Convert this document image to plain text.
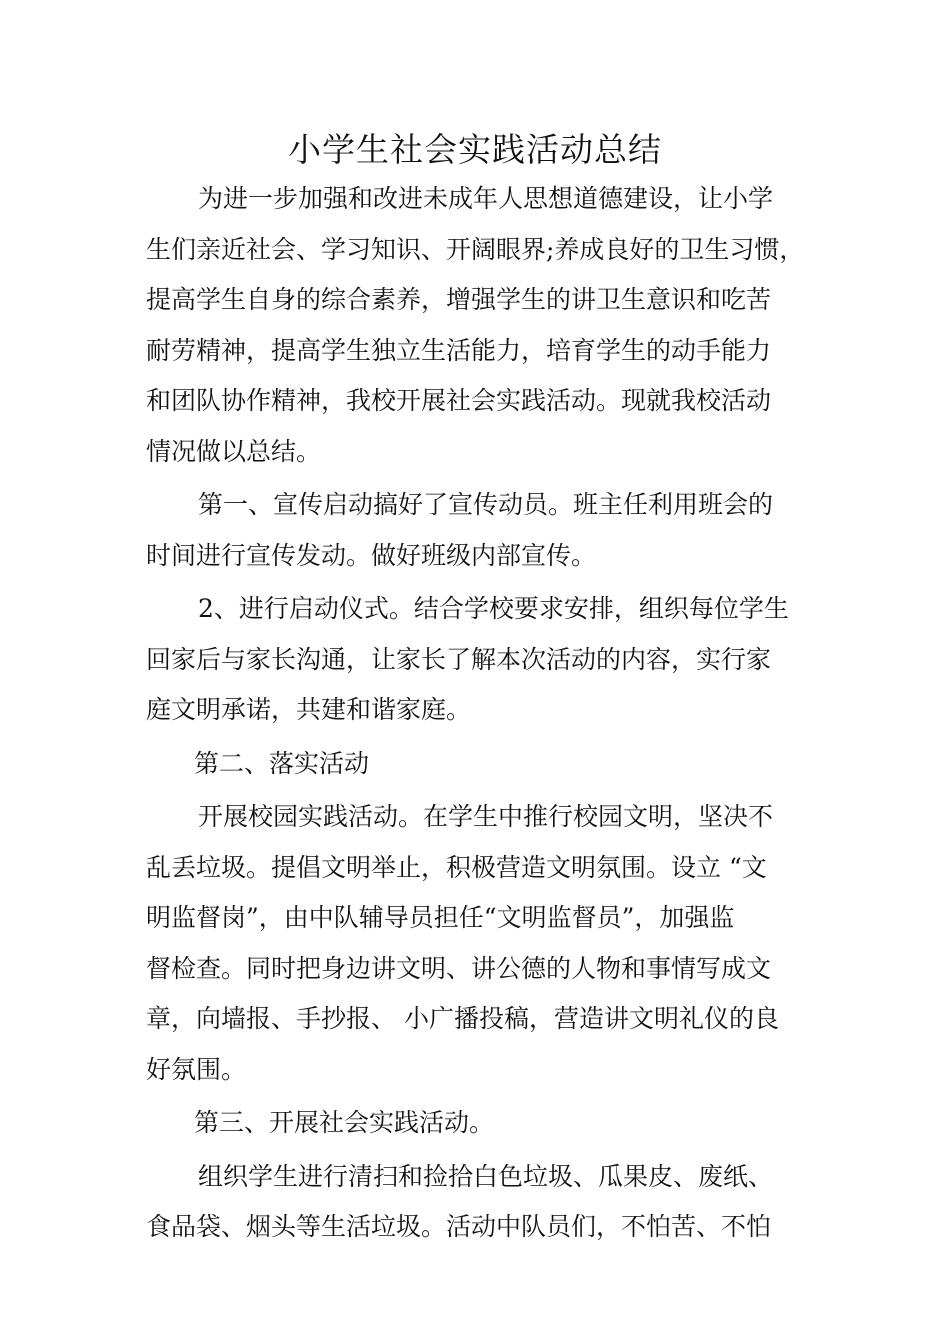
小学生社会实践活动总结
为进一步加强和改进未成年人思想道德建设，让小学
生们亲近社会、学习知识、开阔眼界;养成良好的卫生习惯，
提高学生自身的综合素养，增强学生的讲卫生意识和吃苦
耐劳精神，提高学生独立生活能力，培育学生的动手能力
和团队协作精神，我校开展社会实践活动。现就我校活动
情况做以总结。
第一、宣传启动搞好了宣传动员。班主任利用班会的
时间进行宣传发动。做好班级内部宣传。
2、进行启动仪式。结合学校要求安排，组织每位学生
回家后与家长沟通，让家长了解本次活动的内容，实行家
庭文明承诺，共建和谐家庭。
第二、落实活动
开展校园实践活动。在学生中推行校园文明，坚决不
乱丢垃圾。提倡文明举止，积极营造文明氛围。设立 “文
明监督岗”，由中队辅导员担任“文明监督员”，加强监
督检查。同时把身边讲文明、讲公德的人物和事情写成文
章，向墙报、手抄报、 小广播投稿，营造讲文明礼仪的良
好氛围。
第三、开展社会实践活动。
组织学生进行清扫和捡拾白色垃圾、瓜果皮、废纸、
食品袋、烟头等生活垃圾。活动中队员们，不怕苦、不怕
